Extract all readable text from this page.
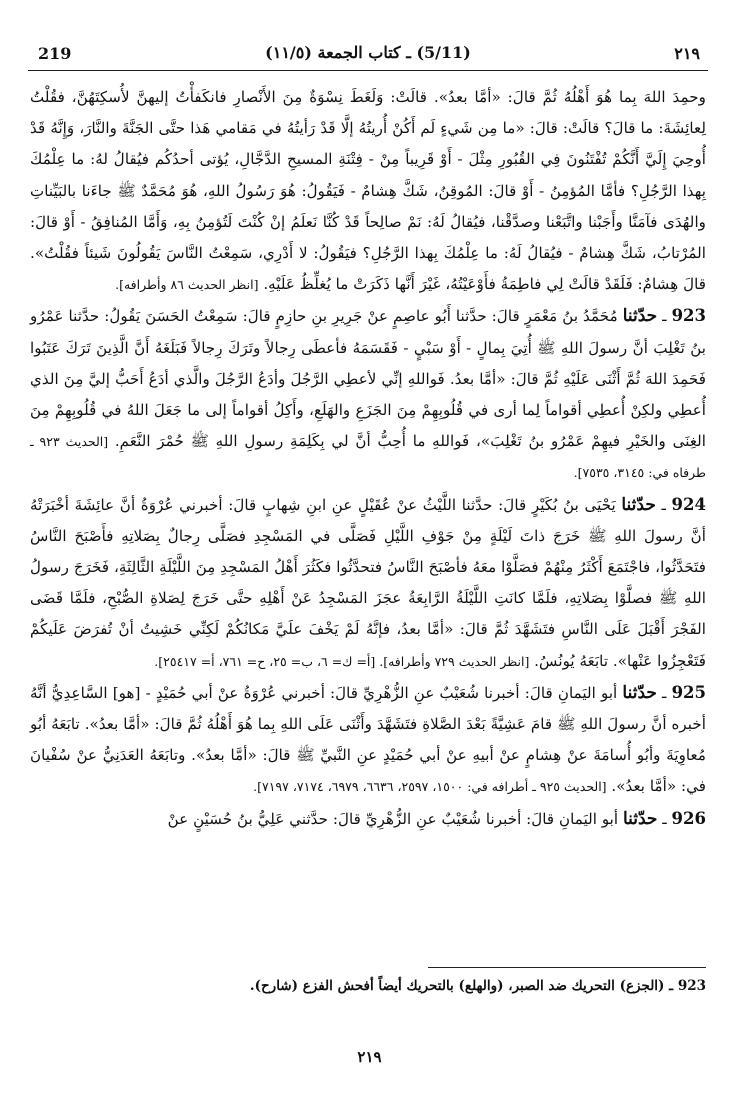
219	(5/11) ـ كتاب الجمعة (١١/٥)	٢١٩

وحمِدَ اللهَ بِما هُوَ أَهْلُهُ ثُمَّ قالَ: «أمَّا بعدُ». قالَتْ: وَلَغَطَ نِسْوَةٌ مِنَ الأَنْصارِ فانكَفأْتُ إليهنَّ لأُسكِتَهُنَّ، فقُلْتُ لِعائِشَةَ: ما قالَ؟ قالَتْ: قالَ: «ما مِن شَيءٍ لَم أَكُنْ أُريتُهُ إلَّا قَدْ رَأيتُهُ في مَقامي هَذا حتَّى الجَنَّةَ والنَّارَ، وَإِنَّهُ قَدْ أُوحِيَ إِلَيَّ أَنَّكُمْ تُفْتَنُونَ فِي القُبُورِ مِثْلَ - أَوْ قَرِيباً مِنْ - فِتْنَةِ المسيحِ الدَّجَّالِ، يُؤتى أحدُكُم فيُقالُ لهُ: ما عِلْمُكَ بِهذا الرَّجُلِ؟ فأمَّا المُؤمِنُ - أَوْ قالَ: المُوقِنُ، شَكَّ هِشامٌ - فَيَقُولُ: هُوَ رَسُولُ اللهِ، هُوَ مُحَمَّدٌ ﷺ جاءَنا بالبَيِّناتِ والهُدَى فآمَنَّا وأَجَبْنا واتَّبَعْنا وصدَّقْنا، فيُقالُ لَهُ: نَمْ صالِحاً قَدْ كُنَّا نَعلَمُ إنْ كُنْتَ لَتُؤمِنُ بِهِ، وَأَمَّا المُنافِقُ - أَوْ قالَ: المُرْتابُ، شَكَّ هِشامٌ - فيُقالُ لَهُ: ما عِلْمُكَ بِهذا الرَّجُلِ؟ فيَقُولُ: لا أَدْرِي، سَمِعْتُ النَّاسَ يَقُولُونَ شَيئاً فقُلْتُ». قالَ هِشامٌ: فَلَقَدْ قالَتْ لِي فاطِمَةُ فأَوْعَيْتُهُ، غَيْرَ أَنَّها ذَكَرَتْ ما يُغلِّظُ عَلَيْهِ. [انظر الحديث ٨٦ وأطرافه].

923 ـ حدّثنا مُحَمَّدُ بنُ مَعْمَرٍ قالَ: حدَّثنا أَبُو عاصِمٍ عنْ جَرِيرِ بنِ حازِمٍ قالَ: سَمِعْتُ الحَسَنَ يَقُولُ: حدَّثنا عَمْرُو بنُ تَغْلِبَ أنَّ رسولَ اللهِ ﷺ أُتِيَ بِمالٍ - أَوْ سَبْيٍ - فَقَسَمَهُ فأعطَى رِجالاً وتَرَكَ رِجالاً فَبَلَغَهُ أَنَّ الَّذِينَ تَرَكَ عَتَبُوا فَحَمِدَ اللهَ ثُمَّ أَثْنَى عَلَيْهِ ثُمَّ قالَ: «أمَّا بعدُ. فَواللهِ إنِّي لأعطِي الرَّجُلَ وأدَعُ الرَّجُلَ والَّذي أدَعُ أَحَبُّ إليَّ مِنَ الذي أُعطِي ولكِنْ أُعطِي أقواماً لِما أرى في قُلُوبِهِمْ مِنَ الجَزَعِ والهَلَعِ، وأَكِلُ أقواماً إلى ما جَعَلَ اللهُ في قُلُوبِهِمْ مِنَ الغِنَى والخَيْرِ فيهِمْ عَمْرُو بنُ تَغْلِبَ»، فَواللهِ ما أُحِبُّ أنَّ لي بِكَلِمَةِ رسولِ اللهِ ﷺ حُمْرَ النَّعَمِ. [الحديث ٩٢٣ ـ طرفاه في: ٣١٤٥، ٧٥٣٥].

924 ـ حدّثنا يَحْيَى بنُ بُكَيْرٍ قالَ: حدَّثنا اللَّيْثُ عنْ عُقَيْلٍ عنِ ابنِ شِهابٍ قالَ: أخبرني عُرْوَةُ أنَّ عائِشَةَ أخْبَرَتْهُ أنَّ رسولَ اللهِ ﷺ خَرَجَ ذاتَ لَيْلَةٍ مِنْ جَوْفِ اللَّيْلِ فَصَلَّى في المَسْجِدِ فصَلَّى رِجالٌ بِصَلاتِهِ فأَصْبَحَ النَّاسُ فتَحَدَّثُوا، فاجْتَمَعَ أَكْثَرُ مِنْهُمْ فصَلَّوْا معَهُ فأصْبَحَ النَّاسُ فتحدَّثُوا فكَثُرَ أَهْلُ المَسْجِدِ مِنَ اللَّيْلَةِ الثَّالِثَةِ، فَخَرَجَ رسولُ اللهِ ﷺ فصلَّوْا بِصَلاتِهِ، فلَمَّا كانَتِ اللَّيْلَةُ الرَّابِعَةُ عجَزَ المَسْجِدُ عَنْ أَهْلِهِ حتَّى خَرَجَ لِصَلاةِ الصُّبْحِ، فلَمَّا قَضَى الفَجْرَ أَقْبَلَ عَلَى النَّاسِ فتَشَهَّدَ ثُمَّ قالَ: «أمَّا بعدُ، فإنَّهُ لَمْ يَخْفَ علَيَّ مَكانُكُمْ لَكِنِّي خَشِيتُ أنْ تُفرَضَ عَلَيكُمْ فَتَعْجِزُوا عَنْها». تابَعَهُ يُونُسُ. [انظر الحديث ٧٢٩ وأطرافه]. [أ= ك= ٦، ب= ٢٥، ح= ٧٦١، أ= ٢٥٤١٧].

925 ـ حدّثنا أبو اليَمانِ قالَ: أخبرنا شُعَيْبٌ عنِ الزُّهْرِيِّ قالَ: أخبرني عُرْوَةُ عنْ أبي حُمَيْدٍ - [هو] السَّاعِدِيُّ أنَّهُ أخبره أنَّ رسولَ اللهِ ﷺ قامَ عَشِيَّةً بَعْدَ الصَّلاةِ فتَشَهَّدَ وأَثْنَى عَلَى اللهِ بِما هُوَ أَهْلُهُ ثُمَّ قالَ: «أمَّا بعدُ». تابَعَهُ أبُو مُعاوِيَةَ وأبُو أُسامَةَ عنْ هِشامٍ عنْ أبيهِ عنْ أبي حُمَيْدٍ عنِ النَّبيِّ ﷺ قالَ: «أمَّا بعدُ». وتابَعَهُ العَدَنِيُّ عنْ سُفْيانَ في: «أمَّا بعدُ». [الحديث ٩٢٥ ـ أطرافه في: ١٥٠٠، ٢٥٩٧، ٦٦٣٦، ٦٩٧٩، ٧١٧٤، ٧١٩٧].

926 ـ حدّثنا أبو اليَمانِ قالَ: أخبرنا شُعَيْبٌ عنِ الزُّهْرِيِّ قالَ: حدَّثني عَلِيُّ بنُ حُسَيْنٍ عنْ

923 ـ (الجزع) التحريك ضد الصبر، (والهلع) بالتحريك أيضاً أفحش الفزع (شارح).
٢١٩
